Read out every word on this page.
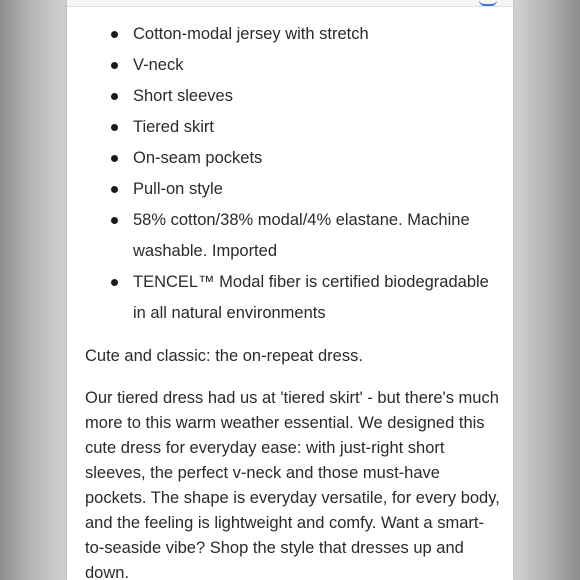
Cotton-modal jersey with stretch
V-neck
Short sleeves
Tiered skirt
On-seam pockets
Pull-on style
58% cotton/38% modal/4% elastane. Machine washable. Imported
TENCEL™ Modal fiber is certified biodegradable in all natural environments

Cute and classic: the on-repeat dress.

Our tiered dress had us at 'tiered skirt' - but there's much more to this warm weather essential. We designed this cute dress for everyday ease: with just-right short sleeves, the perfect v-neck and those must-have pockets. The shape is everyday versatile, for every body, and the feeling is lightweight and comfy. Want a smart-to-seaside vibe? Shop the style that dresses up and down.
